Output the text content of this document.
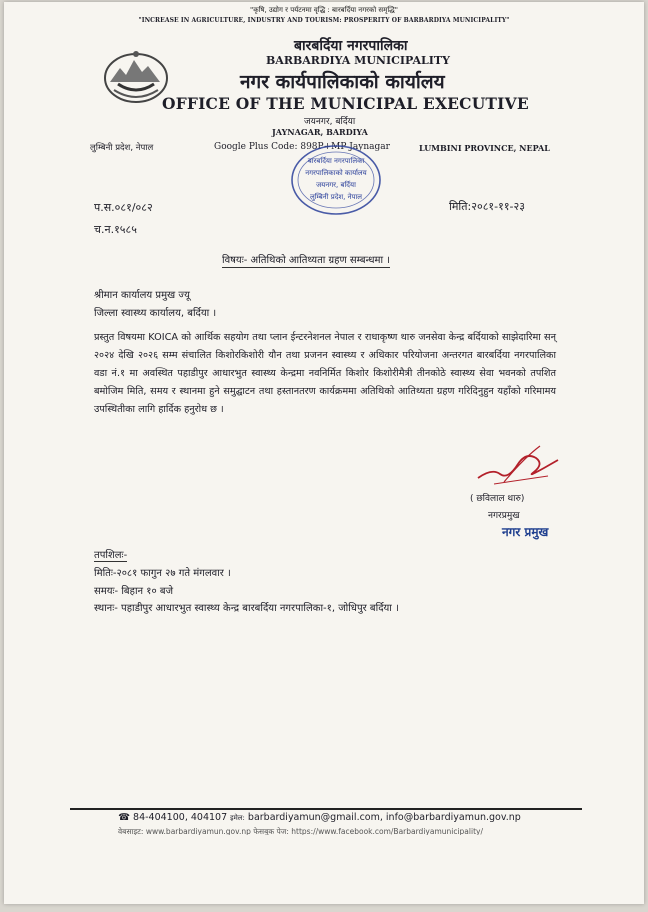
"कृषि, उद्योग र पर्यटनमा वृद्धि : बारबर्दिया नगरको समृद्धि"
"INCREASE IN AGRICULTURE, INDUSTRY AND TOURISM: PROSPERITY OF BARBARDIYA MUNICIPALITY"
बारबर्दिया नगरपालिका
BARBARDIYA MUNICIPALITY
नगर कार्यपालिकाको कार्यालय
OFFICE OF THE MUNICIPAL EXECUTIVE
जयनगर, बर्दिया
JAYNAGAR, BARDIYA
लुम्बिनी प्रदेश, नेपाल	Google Plus Code: 898P+MP Jaynagar	LUMBINI PROVINCE, NEPAL
बारबर्दिया नगरपालिका
नगरपालिकाको कार्यालय
जयनगर, बर्दिया
लुम्बिनी प्रदेश, नेपाल
प.स.०८१/०८२
च.न.१५८५
मिति:२०८१-११-२३
विषयः- अतिथिको आतिथ्यता ग्रहण सम्बन्धमा ।
श्रीमान कार्यालय प्रमुख ज्यू
जिल्ला स्वास्थ्य कार्यालय, बर्दिया ।
प्रस्तुत विषयमा KOICA को आर्थिक सहयोग तथा प्लान ईन्टरनेशनल नेपाल र राधाकृष्ण थारु जनसेवा केन्द्र बर्दियाको साझेदारिमा सन् २०२४ देखि २०२६ सम्म संचालित किशोरकिशोरी यौन तथा प्रजनन स्वास्थ्य र अधिकार परियोजना अन्तरगत बारबर्दिया नगरपालिका वडा नं.१ मा अवस्थित पहाडीपुर आधारभुत स्वास्थ्य केन्द्रमा नवनिर्मित किशोर किशोरीमैत्री तीनकोठे स्वास्थ्य सेवा भवनको तपशित बमोजिम मिति, समय र स्थानमा हुने समुद्घाटन तथा हस्तानतरण कार्यक्रममा अतिथिको आतिथ्यता ग्रहण गरिदिनुहुन यहाँको गरिमामय उपस्थितीका लागि हार्दिक हनुरोध छ ।
( छविलाल थारु)
नगरप्रमुख
नगर प्रमुख
तपशिलः-
मितिः-२०८१ फागुन २७ गते मंगलवार ।
समयः- बिहान १० बजे
स्थानः- पहाडीपुर आधारभुत स्वास्थ्य केन्द्र बारबर्दिया नगरपालिका-१, जोधिपुर बर्दिया ।
☎ 84-404100, 404107 इमेल: barbardiyamun@gmail.com, info@barbardiyamun.gov.np
वेबसाइट: www.barbardiyamun.gov.np फेसबुक पेज: https://www.facebook.com/Barbardiyamunicipality/
